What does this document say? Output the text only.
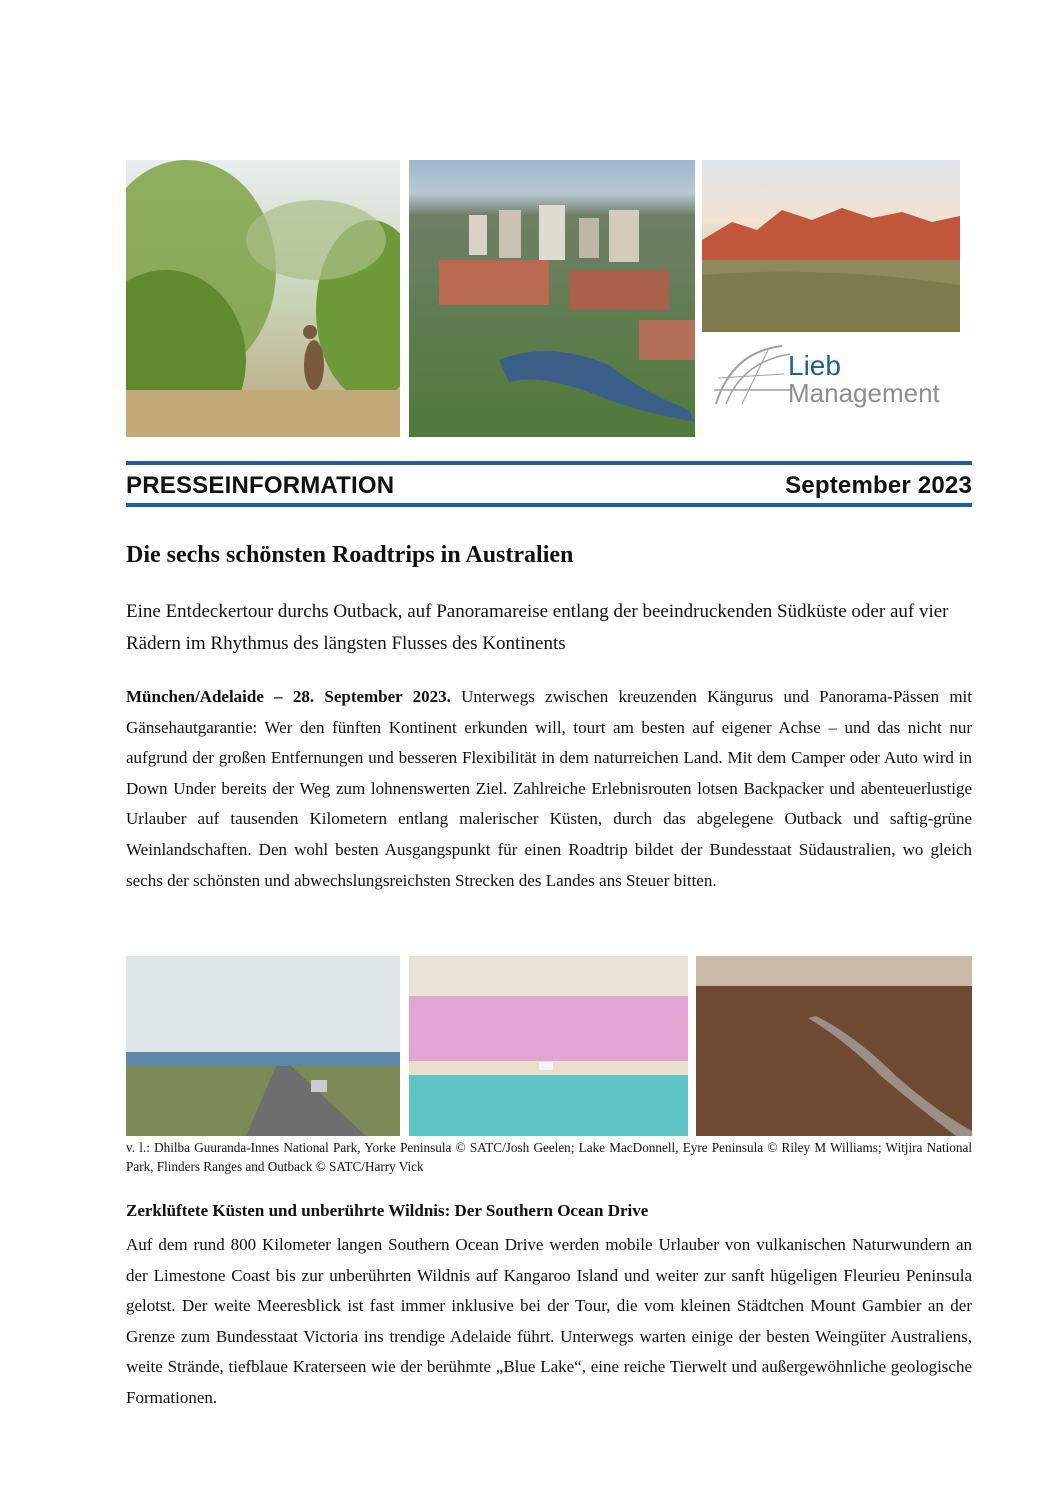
Lieb
Management
PRESSEINFORMATION	September 2023
Die sechs schönsten Roadtrips in Australien

Eine Entdeckertour durchs Outback, auf Panoramareise entlang der beeindruckenden Südküste oder auf vier Rädern im Rhythmus des längsten Flusses des Kontinents

München/Adelaide – 28. September 2023. Unterwegs zwischen kreuzenden Kängurus und Panorama-Pässen mit Gänsehautgarantie: Wer den fünften Kontinent erkunden will, tourt am besten auf eigener Achse – und das nicht nur aufgrund der großen Entfernungen und besseren Flexibilität in dem naturreichen Land. Mit dem Camper oder Auto wird in Down Under bereits der Weg zum lohnenswerten Ziel. Zahlreiche Erlebnisrouten lotsen Backpacker und abenteuerlustige Urlauber auf tausenden Kilometern entlang malerischer Küsten, durch das abgelegene Outback und saftig-grüne Weinlandschaften. Den wohl besten Ausgangspunkt für einen Roadtrip bildet der Bundesstaat Südaustralien, wo gleich sechs der schönsten und abwechslungsreichsten Strecken des Landes ans Steuer bitten.

v. l.: Dhilba Guuranda-Innes National Park, Yorke Peninsula © SATC/Josh Geelen; Lake MacDonnell, Eyre Peninsula © Riley M Williams; Witjira National Park, Flinders Ranges and Outback © SATC/Harry Vick

Zerklüftete Küsten und unberührte Wildnis: Der Southern Ocean Drive

Auf dem rund 800 Kilometer langen Southern Ocean Drive werden mobile Urlauber von vulkanischen Naturwundern an der Limestone Coast bis zur unberührten Wildnis auf Kangaroo Island und weiter zur sanft hügeligen Fleurieu Peninsula gelotst. Der weite Meeresblick ist fast immer inklusive bei der Tour, die vom kleinen Städtchen Mount Gambier an der Grenze zum Bundesstaat Victoria ins trendige Adelaide führt. Unterwegs warten einige der besten Weingüter Australiens, weite Strände, tiefblaue Kraterseen wie der berühmte „Blue Lake“, eine reiche Tierwelt und außergewöhnliche geologische Formationen.
